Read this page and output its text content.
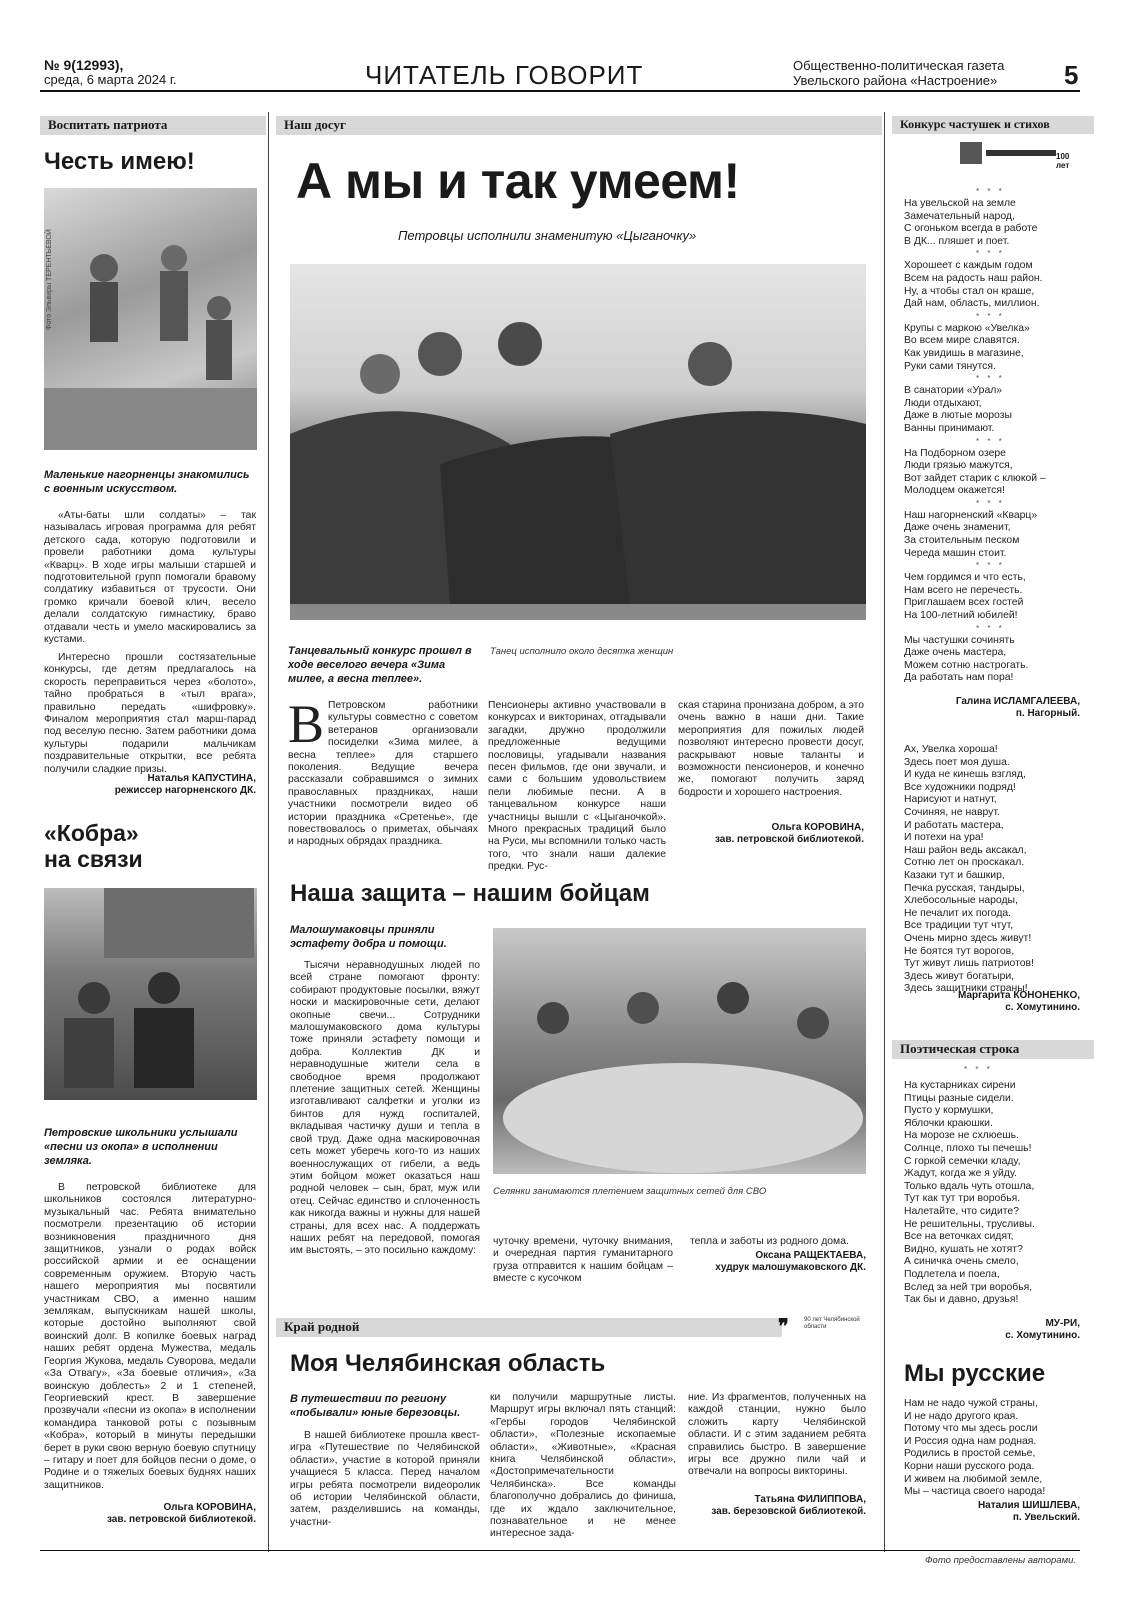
№ 9(12993),
среда, 6 марта 2024 г.	ЧИТАТЕЛЬ ГОВОРИТ	Общественно-политическая газета
Увельского района «Настроение»	5
Воспитать патриота
Честь имею!
Фото Эльвиры ТЕРЕНТЬЕВОЙ
Маленькие нагорненцы знакомились с военным искусством.
«Аты-баты шли солдаты» – так называлась игровая программа для ребят детского сада, которую подготовили и провели работники дома культуры «Кварц». В ходе игры малыши старшей и подготовительной групп помогали бравому солдатику избавиться от трусости. Они громко кричали боевой клич, весело делали солдатскую гимнастику, браво отдавали честь и умело маскировались за кустами.
Интересно прошли состязательные конкурсы, где детям предлагалось на скорость переправиться через «болото», тайно пробраться в «тыл врага», правильно передать «шифровку». Финалом мероприятия стал марш-парад под веселую песню. Затем работники дома культуры подарили мальчикам поздравительные открытки, все ребята получили сладкие призы.
Наталья КАПУСТИНА,
режиссер нагорненского ДК.
«Кобра»
на связи
Петровские школьники услышали «песни из окопа» в исполнении земляка.
В петровской библиотеке для школьников состоялся литературно-музыкальный час. Ребята внимательно посмотрели презентацию об истории возникновения праздничного дня защитников, узнали о родах войск российской армии и ее оснащении современным оружием. Вторую часть нашего мероприятия мы посвятили участникам СВО, а именно нашим землякам, выпускникам нашей школы, которые достойно выполняют свой воинский долг. В копилке боевых наград наших ребят ордена Мужества, медаль Георгия Жукова, медаль Суворова, медали «За Отвагу», «За боевые отличия», «За воинскую доблесть» 2 и 1 степеней, Георгиевский крест. В завершение прозвучали «песни из окопа» в исполнении командира танковой роты с позывным «Кобра», который в минуты передышки берет в руки свою верную боевую спутницу – гитару и поет для бойцов песни о доме, о Родине и о тяжелых боевых буднях наших защитников.
Ольга КОРОВИНА,
зав. петровской библиотекой.
Наш досуг
А мы и так умеем!
Петровцы исполнили знаменитую «Цыганочку»
Танцевальный конкурс прошел в ходе веселого вечера «Зима милее, а весна теплее».
Танец исполнило около десятка женщин
В Петровском работники культуры совместно с советом ветеранов организовали посиделки «Зима милее, а весна теплее» для старшего поколения. Ведущие вечера рассказали собравшимся о зимних православных праздниках, наши участники посмотрели видео об истории праздника «Сретенье», где повествовалось о приметах, обычаях и народных обрядах праздника.
Пенсионеры активно участвовали в конкурсах и викторинах, отгадывали загадки, дружно продолжили предложенные ведущими пословицы, угадывали названия песен фильмов, где они звучали, и сами с большим удовольствием пели любимые песни. А в танцевальном конкурсе наши участницы вышли с «Цыганочкой». Много прекрасных традиций было на Руси, мы вспомнили только часть того, что знали наши далекие предки. Рус-
ская старина пронизана добром, а это очень важно в наши дни. Такие мероприятия для пожилых людей позволяют интересно провести досуг, раскрывают новые таланты и возможности пенсионеров, и конечно же, помогают получить заряд бодрости и хорошего настроения.
Ольга КОРОВИНА,
зав. петровской библиотекой.
Наша защита – нашим бойцам
Малошумаковцы приняли эстафету добра и помощи.
Тысячи неравнодушных людей по всей стране помогают фронту: собирают продуктовые посылки, вяжут носки и маскировочные сети, делают окопные свечи... Сотрудники малошумаковского дома культуры тоже приняли эстафету помощи и добра. Коллектив ДК и неравнодушные жители села в свободное время продолжают плетение защитных сетей. Женщины изготавливают салфетки и уголки из бинтов для нужд госпиталей, вкладывая частичку души и тепла в свой труд. Даже одна маскировочная сеть может уберечь кого-то из наших военнослужащих от гибели, а ведь этим бойцом может оказаться наш родной человек – сын, брат, муж или отец. Сейчас единство и сплоченность как никогда важны и нужны для нашей страны, для всех нас. А поддержать наших ребят на передовой, помогая им выстоять, – это посильно каждому:
Селянки занимаются плетением защитных сетей для СВО
чуточку времени, чуточку внимания, и очередная партия гуманитарного груза отправится к нашим бойцам – вместе с кусочком
тепла и заботы из родного дома.
Оксана РАЩЕКТАЕВА,
худрук малошумаковского ДК.
Край родной	❞	90 лет Челябинской области
Моя Челябинская область
В путешествии по региону «побывали» юные березовцы.
В нашей библиотеке прошла квест-игра «Путешествие по Челябинской области», участие в которой приняли учащиеся 5 класса. Перед началом игры ребята посмотрели видеоролик об истории Челябинской области, затем, разделившись на команды, участни-
ки получили маршрутные листы. Маршрут игры включал пять станций: «Гербы городов Челябинской области», «Полезные ископаемые области», «Животные», «Красная книга Челябинской области», «Достопримечательности Челябинска». Все команды благополучно добрались до финиша, где их ждало заключительное, познавательное и не менее интересное зада-
ние. Из фрагментов, полученных на каждой станции, нужно было сложить карту Челябинской области. И с этим заданием ребята справились быстро. В завершение игры все дружно пили чай и отвечали на вопросы викторины.
Татьяна ФИЛИППОВА,
зав. березовской библиотекой.
Конкурс частушек и стихов
100 лет
* * *
На увельской на земле
Замечательный народ,
С огоньком всегда в работе
В ДК... пляшет и поет.
* * *
Хорошеет с каждым годом
Всем на радость наш район.
Ну, а чтобы стал он краше,
Дай нам, область, миллион.
* * *
Крупы с маркою «Увелка»
Во всем мире славятся.
Как увидишь в магазине,
Руки сами тянутся.
* * *
В санатории «Урал»
Люди отдыхают,
Даже в лютые морозы
Ванны принимают.
* * *
На Подборном озере
Люди грязью мажутся,
Вот зайдет старик с клюкой –
Молодцем окажется!
* * *
Наш нагорненский «Кварц»
Даже очень знаменит,
За стоительным песком
Череда машин стоит.
* * *
Чем гордимся и что есть,
Нам всего не перечесть.
Приглашаем всех гостей
На 100-летний юбилей!
* * *
Мы частушки сочинять
Даже очень мастера,
Можем сотню настрогать.
Да работать нам пора!
Галина ИСЛАМГАЛЕЕВА,
п. Нагорный.
Ах, Увелка хороша!
Здесь поет моя душа.
И куда не кинешь взгляд,
Все художники подряд!
Нарисуют и натнут,
Сочиняя, не наврут.
И работать мастера,
И потехи на ура!
Наш район ведь аксакал,
Сотню лет он проскакал.
Казаки тут и башкир,
Печка русская, тандыры,
Хлебосольные народы,
Не печалит их погода.
Все традиции тут чтут,
Очень мирно здесь живут!
Не боятся тут ворогов,
Тут живут лишь патриотов!
Здесь живут богатыри,
Здесь защитники страны!
Маргарита КОНОНЕНКО,
с. Хомутинино.
Поэтическая строка
* * *
На кустарниках сирени
Птицы разные сидели.
Пусто у кормушки,
Яблочки краюшки.
На морозе не схлюешь.
Солнце, плохо ты печешь!
С горкой семечки кладу,
Жадут, когда же я уйду.
Только вдаль чуть отошла,
Тут как тут три воробья.
Налетайте, что сидите?
Не решительны, трусливы.
Все на веточках сидят,
Видно, кушать не хотят?
А синичка очень смело,
Подлетела и поела,
Вслед за ней три воробья,
Так бы и давно, друзья!
МУ-РИ,
с. Хомутинино.
Мы русские
Нам не надо чужой страны,
И не надо другого края.
Потому что мы здесь росли
И Россия одна нам родная.
Родились в простой семье,
Корни наши русского рода.
И живем на любимой земле,
Мы – частица своего народа!
Наталия ШИШЛЕВА,
п. Увельский.
Фото предоставлены авторами.
